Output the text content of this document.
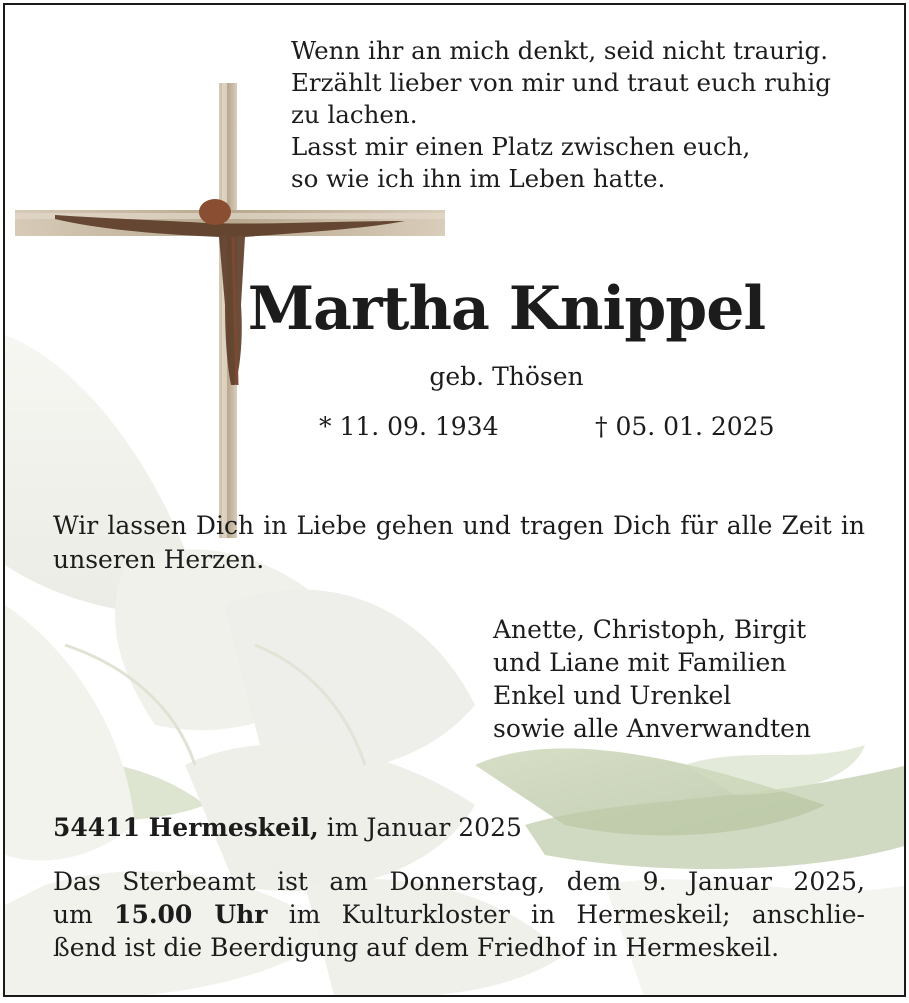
Wenn ihr an mich denkt, seid nicht traurig.
Erzählt lieber von mir und traut euch ruhig
zu lachen.
Lasst mir einen Platz zwischen euch,
so wie ich ihn im Leben hatte.
Martha Knippel
geb. Thösen
* 11. 09. 1934	† 05. 01. 2025
Wir lassen Dich in Liebe gehen und tragen Dich für alle Zeit in unseren Herzen.
Anette, Christoph, Birgit
und Liane mit Familien
Enkel und Urenkel
sowie alle Anverwandten
54411 Hermeskeil, im Januar 2025
Das Sterbeamt ist am Donnerstag, dem 9. Januar 2025,
um 15.00 Uhr im Kulturkloster in Hermeskeil; anschlie-
ßend ist die Beerdigung auf dem Friedhof in Hermeskeil.
